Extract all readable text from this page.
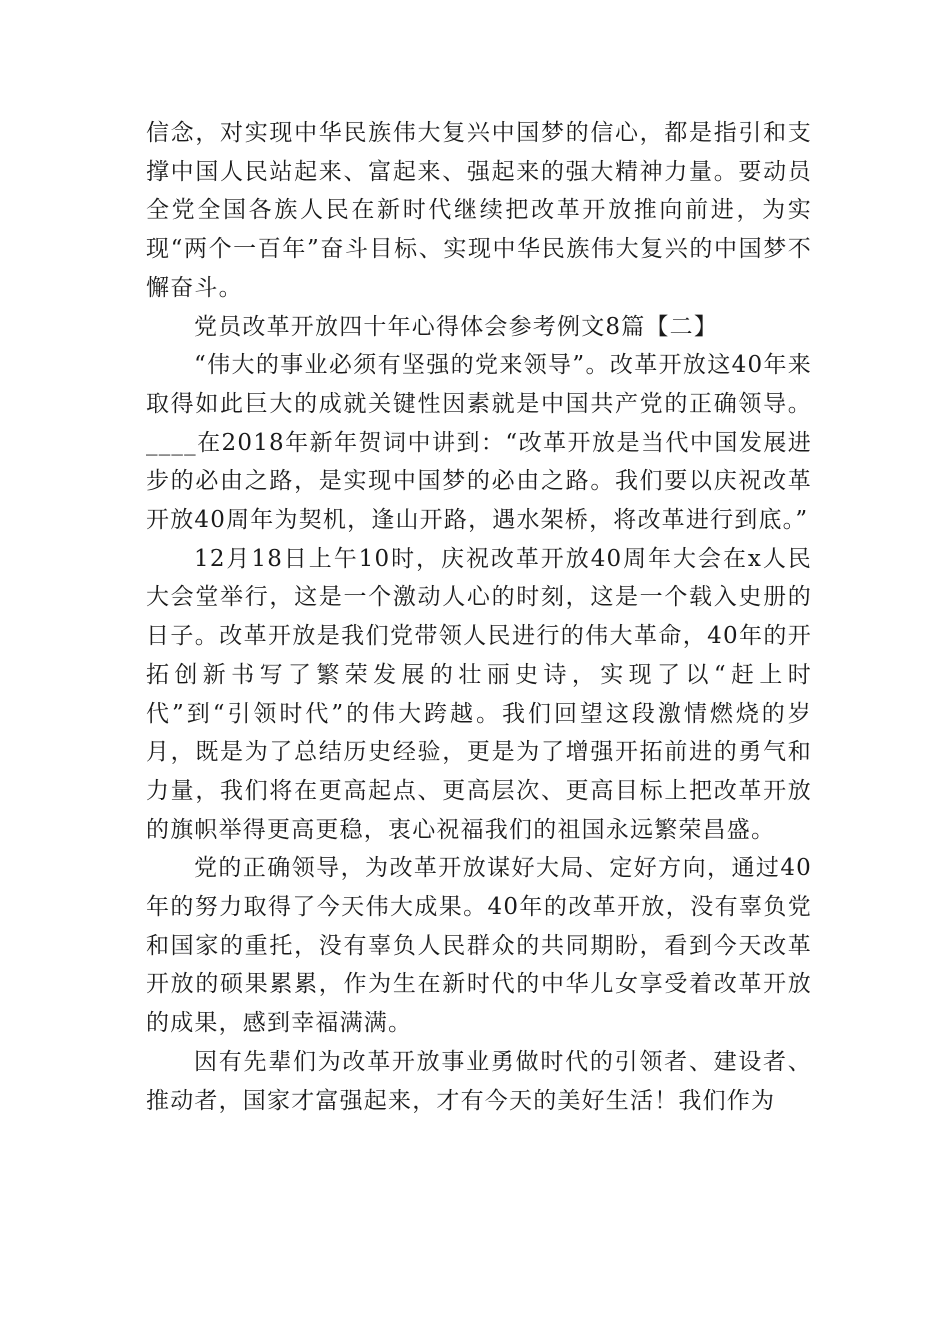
信念，对实现中华民族伟大复兴中国梦的信心，都是指引和支撑中国人民站起来、富起来、强起来的强大精神力量。要动员全党全国各族人民在新时代继续把改革开放推向前进，为实现“两个一百年”奋斗目标、实现中华民族伟大复兴的中国梦不懈奋斗。

党员改革开放四十年心得体会参考例文8篇【二】

“伟大的事业必须有坚强的党来领导”。改革开放这40年来取得如此巨大的成就关键性因素就是中国共产党的正确领导。____在2018年新年贺词中讲到：“改革开放是当代中国发展进步的必由之路，是实现中国梦的必由之路。我们要以庆祝改革开放40周年为契机，逢山开路，遇水架桥，将改革进行到底。”

12月18日上午10时，庆祝改革开放40周年大会在x人民大会堂举行，这是一个激动人心的时刻，这是一个载入史册的日子。改革开放是我们党带领人民进行的伟大革命，40年的开拓创新书写了繁荣发展的壮丽史诗，实现了以“赶上时代”到“引领时代”的伟大跨越。我们回望这段激情燃烧的岁月，既是为了总结历史经验，更是为了增强开拓前进的勇气和力量，我们将在更高起点、更高层次、更高目标上把改革开放的旗帜举得更高更稳，衷心祝福我们的祖国永远繁荣昌盛。

党的正确领导，为改革开放谋好大局、定好方向，通过40年的努力取得了今天伟大成果。40年的改革开放，没有辜负党和国家的重托，没有辜负人民群众的共同期盼，看到今天改革开放的硕果累累，作为生在新时代的中华儿女享受着改革开放的成果，感到幸福满满。

因有先辈们为改革开放事业勇做时代的引领者、建设者、推动者，国家才富强起来，才有今天的美好生活！我们作为
